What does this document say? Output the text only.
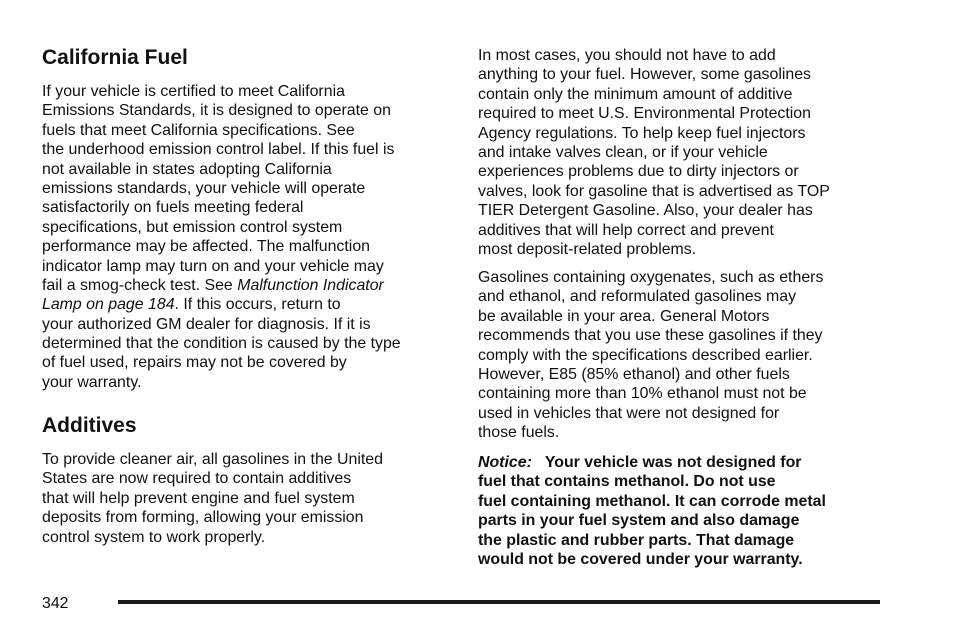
California Fuel
If your vehicle is certified to meet California
Emissions Standards, it is designed to operate on
fuels that meet California specifications. See
the underhood emission control label. If this fuel is
not available in states adopting California
emissions standards, your vehicle will operate
satisfactorily on fuels meeting federal
specifications, but emission control system
performance may be affected. The malfunction
indicator lamp may turn on and your vehicle may
fail a smog-check test. See Malfunction Indicator
Lamp on page 184. If this occurs, return to
your authorized GM dealer for diagnosis. If it is
determined that the condition is caused by the type
of fuel used, repairs may not be covered by
your warranty.
Additives
To provide cleaner air, all gasolines in the United
States are now required to contain additives
that will help prevent engine and fuel system
deposits from forming, allowing your emission
control system to work properly.
In most cases, you should not have to add
anything to your fuel. However, some gasolines
contain only the minimum amount of additive
required to meet U.S. Environmental Protection
Agency regulations. To help keep fuel injectors
and intake valves clean, or if your vehicle
experiences problems due to dirty injectors or
valves, look for gasoline that is advertised as TOP
TIER Detergent Gasoline. Also, your dealer has
additives that will help correct and prevent
most deposit-related problems.
Gasolines containing oxygenates, such as ethers
and ethanol, and reformulated gasolines may
be available in your area. General Motors
recommends that you use these gasolines if they
comply with the specifications described earlier.
However, E85 (85% ethanol) and other fuels
containing more than 10% ethanol must not be
used in vehicles that were not designed for
those fuels.
Notice:   Your vehicle was not designed for
fuel that contains methanol. Do not use
fuel containing methanol. It can corrode metal
parts in your fuel system and also damage
the plastic and rubber parts. That damage
would not be covered under your warranty.
342
